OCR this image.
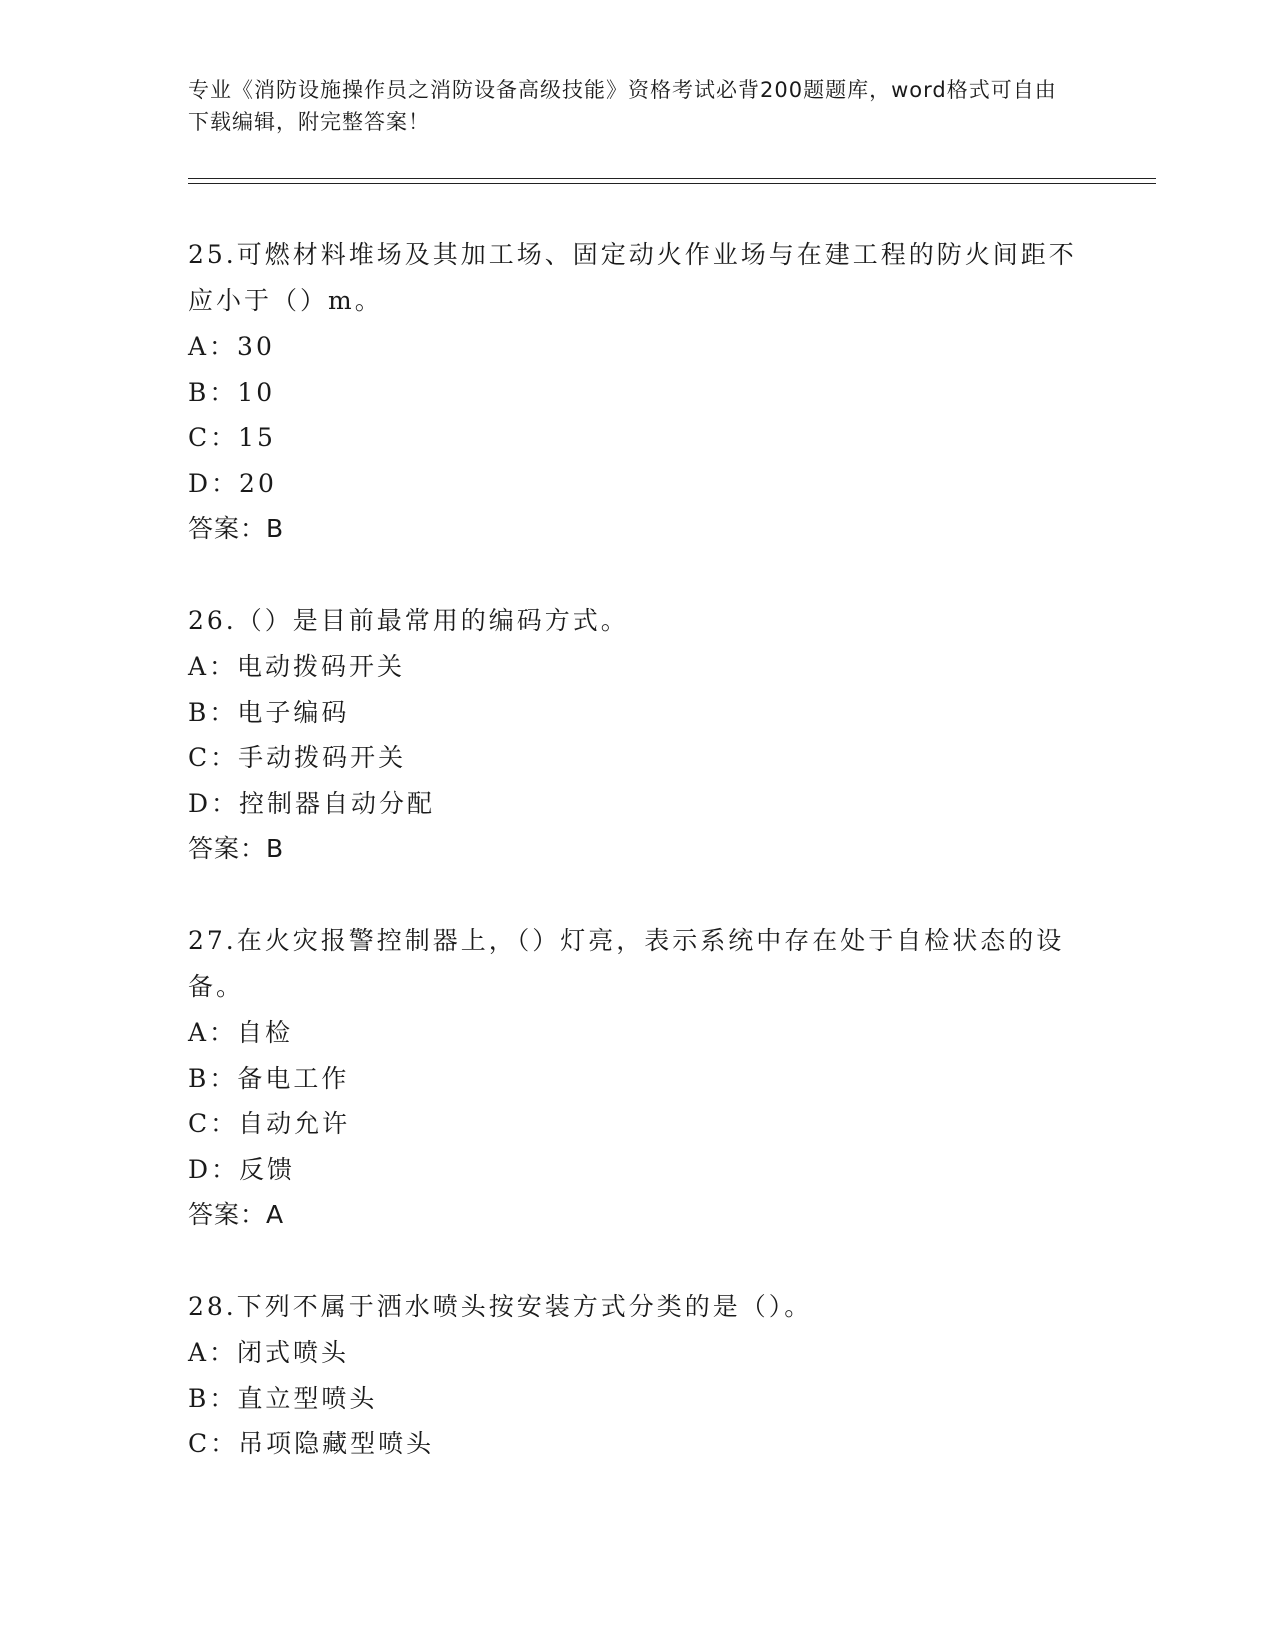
专业《消防设施操作员之消防设备高级技能》资格考试必背200题题库，word格式可自由下载编辑，附完整答案！

25.可燃材料堆场及其加工场、固定动火作业场与在建工程的防火间距不应小于（）m。

A：30

B：10

C：15

D：20

答案：B

26.（）是目前最常用的编码方式。

A：电动拨码开关

B：电子编码

C：手动拨码开关

D：控制器自动分配

答案：B

27.在火灾报警控制器上，（）灯亮，表示系统中存在处于自检状态的设备。

A：自检

B：备电工作

C：自动允许

D：反馈

答案：A

28.下列不属于洒水喷头按安装方式分类的是（）。

A：闭式喷头

B：直立型喷头

C：吊项隐藏型喷头
